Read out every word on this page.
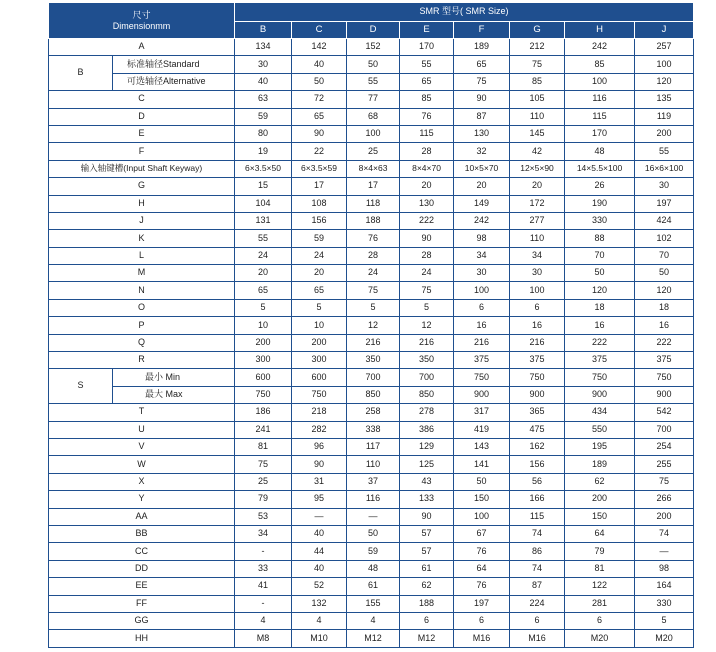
尺寸
Dimensionmm		SMR 型号( SMR Size)							
		B	C	D	E	F	G	H	J
A		134	142	152	170	189	212	242	257
B	标准轴径Standard	30	40	50	55	65	75	85	100
	可选轴径Alternative	40	50	55	65	75	85	100	120
C		63	72	77	85	90	105	116	135
D		59	65	68	76	87	110	115	119
E		80	90	100	115	130	145	170	200
F		19	22	25	28	32	42	48	55
输入轴键槽(Input Shaft Keyway)		6×3.5×50	6×3.5×59	8×4×63	8×4×70	10×5×70	12×5×90	14×5.5×100	16×6×100
G		15	17	17	20	20	20	26	30
H		104	108	118	130	149	172	190	197
J		131	156	188	222	242	277	330	424
K		55	59	76	90	98	110	88	102
L		24	24	28	28	34	34	70	70
M		20	20	24	24	30	30	50	50
N		65	65	75	75	100	100	120	120
O		5	5	5	5	6	6	18	18
P		10	10	12	12	16	16	16	16
Q		200	200	216	216	216	216	222	222
R		300	300	350	350	375	375	375	375
S	最小 Min	600	600	700	700	750	750	750	750
	最大 Max	750	750	850	850	900	900	900	900
T		186	218	258	278	317	365	434	542
U		241	282	338	386	419	475	550	700
V		81	96	117	129	143	162	195	254
W		75	90	110	125	141	156	189	255
X		25	31	37	43	50	56	62	75
Y		79	95	116	133	150	166	200	266
AA		53	—	—	90	100	115	150	200
BB		34	40	50	57	67	74	64	74
CC		-	44	59	57	76	86	79	—
DD		33	40	48	61	64	74	81	98
EE		41	52	61	62	76	87	122	164
FF		-	132	155	188	197	224	281	330
GG		4	4	4	6	6	6	6	5
HH		M8	M10	M12	M12	M16	M16	M20	M20
